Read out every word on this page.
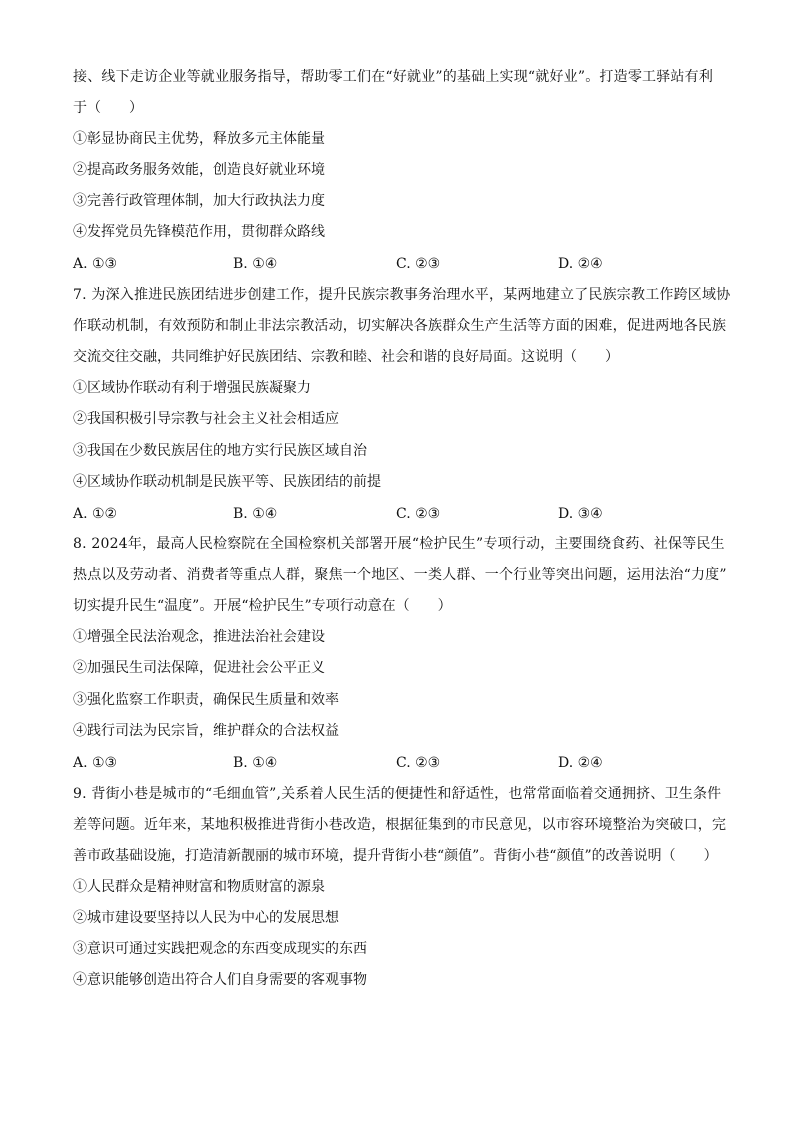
接、线下走访企业等就业服务指导，帮助零工们在“好就业”的基础上实现“就好业”。打造零工驿站有利
于（　　）
①彰显协商民主优势，释放多元主体能量
②提高政务服务效能，创造良好就业环境
③完善行政管理体制，加大行政执法力度
④发挥党员先锋模范作用，贯彻群众路线
A. ①③	B. ①④	C. ②③	D. ②④
7. 为深入推进民族团结进步创建工作，提升民族宗教事务治理水平，某两地建立了民族宗教工作跨区域协
作联动机制，有效预防和制止非法宗教活动，切实解决各族群众生产生活等方面的困难，促进两地各民族
交流交往交融，共同维护好民族团结、宗教和睦、社会和谐的良好局面。这说明（　　）
①区域协作联动有利于增强民族凝聚力
②我国积极引导宗教与社会主义社会相适应
③我国在少数民族居住的地方实行民族区域自治
④区域协作联动机制是民族平等、民族团结的前提
A. ①②	B. ①④	C. ②③	D. ③④
8. 2024年，最高人民检察院在全国检察机关部署开展“检护民生”专项行动，主要围绕食药、社保等民生
热点以及劳动者、消费者等重点人群，聚焦一个地区、一类人群、一个行业等突出问题，运用法治“力度”
切实提升民生“温度”。开展“检护民生”专项行动意在（　　）
①增强全民法治观念，推进法治社会建设
②加强民生司法保障，促进社会公平正义
③强化监察工作职责，确保民生质量和效率
④践行司法为民宗旨，维护群众的合法权益
A. ①③	B. ①④	C. ②③	D. ②④
9. 背街小巷是城市的“毛细血管”,关系着人民生活的便捷性和舒适性，也常常面临着交通拥挤、卫生条件
差等问题。近年来，某地积极推进背街小巷改造，根据征集到的市民意见，以市容环境整治为突破口，完
善市政基础设施，打造清新靓丽的城市环境，提升背街小巷“颜值”。背街小巷“颜值”的改善说明（　　）
①人民群众是精神财富和物质财富的源泉
②城市建设要坚持以人民为中心的发展思想
③意识可通过实践把观念的东西变成现实的东西
④意识能够创造出符合人们自身需要的客观事物
